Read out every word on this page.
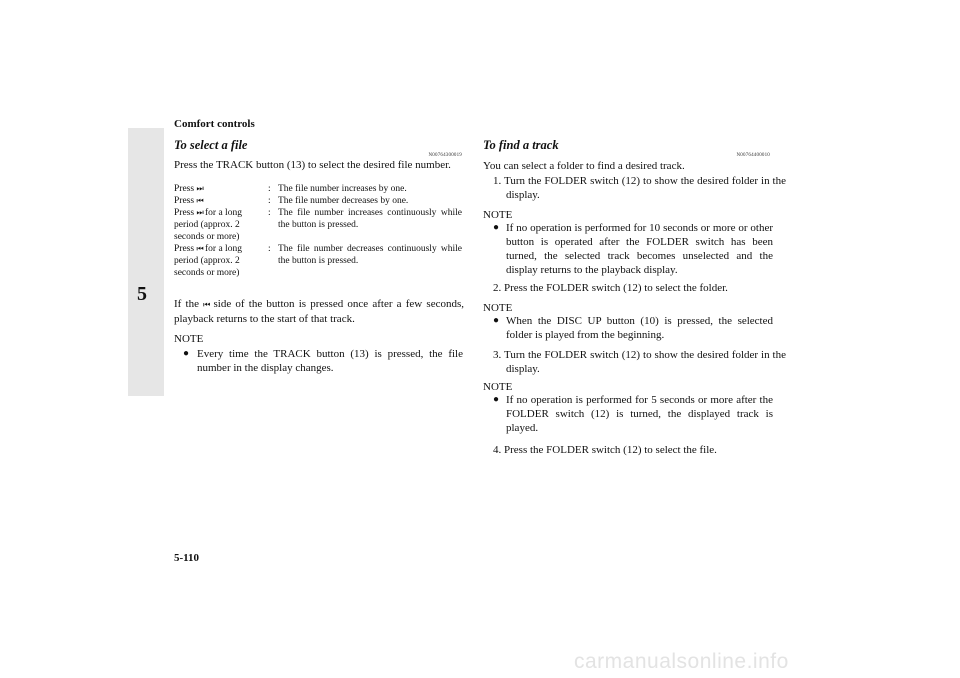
Comfort controls
5
To select a file
N00764300019
Press the TRACK button (13) to select the desired file number.
Press ⏭	:	The file number increases by one.
Press ⏮	:	The file number decreases by one.
Press ⏭ for a long period (approx. 2 seconds or more)	:	The file number increases continuously while the button is pressed.
Press ⏮ for a long period (approx. 2 seconds or more)	:	The file number decreases continuously while the button is pressed.
If the ⏮ side of the button is pressed once after a few seconds, playback returns to the start of that track.
NOTE
● Every time the TRACK button (13) is pressed, the file number in the display changes.
To find a track
N00764400010
You can select a folder to find a desired track.
1. Turn the FOLDER switch (12) to show the desired folder in the display.
NOTE
● If no operation is performed for 10 seconds or more or other button is operated after the FOLDER switch has been turned, the selected track becomes unselected and the display returns to the playback display.
2. Press the FOLDER switch (12) to select the folder.
NOTE
● When the DISC UP button (10) is pressed, the selected folder is played from the beginning.
3. Turn the FOLDER switch (12) to show the desired folder in the display.
NOTE
● If no operation is performed for 5 seconds or more after the FOLDER switch (12) is turned, the displayed track is played.
4. Press the FOLDER switch (12) to select the file.
5-110
carmanualsonline.info
